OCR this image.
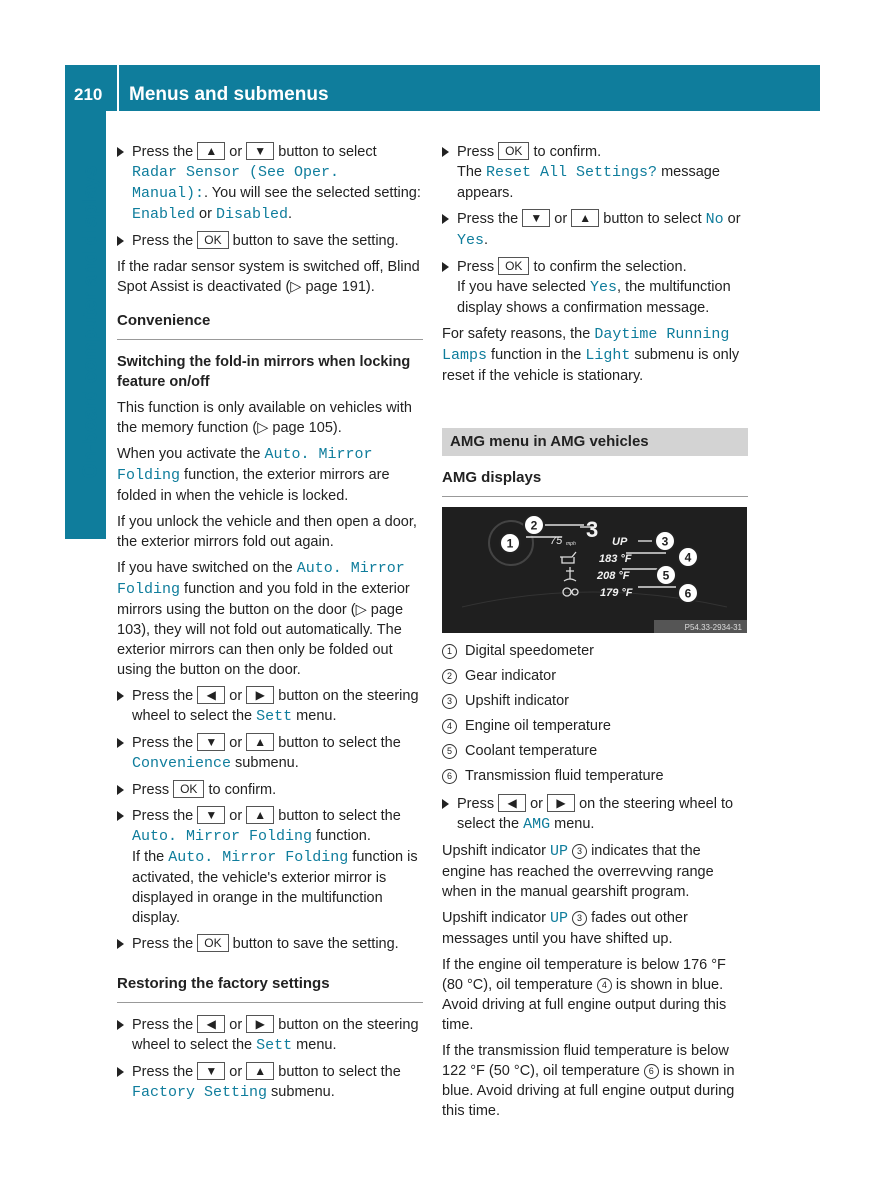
210 Menus and submenus
On-board computer and displays
Press the ▲ or ▼ button to select Radar Sensor (See Oper. Manual):. You will see the selected setting: Enabled or Disabled.
Press the OK button to save the setting.

If the radar sensor system is switched off, Blind Spot Assist is deactivated (▷ page 191).

Convenience

Switching the fold-in mirrors when locking feature on/off

This function is only available on vehicles with the memory function (▷ page 105).

When you activate the Auto. Mirror Folding function, the exterior mirrors are folded in when the vehicle is locked.

If you unlock the vehicle and then open a door, the exterior mirrors fold out again.

If you have switched on the Auto. Mirror Folding function and you fold in the exterior mirrors using the button on the door (▷ page 103), they will not fold out automatically. The exterior mirrors can then only be folded out using the button on the door.

Press the ◀ or ▶ button on the steering wheel to select the Sett menu.
Press the ▼ or ▲ button to select the Convenience submenu.
Press OK to confirm.
Press the ▼ or ▲ button to select the Auto. Mirror Folding function.
If the Auto. Mirror Folding function is activated, the vehicle's exterior mirror is displayed in orange in the multifunction display.
Press the OK button to save the setting.
Restoring the factory settings
Press the ◀ or ▶ button on the steering wheel to select the Sett menu.
Press the ▼ or ▲ button to select the Factory Setting submenu.
Press OK to confirm.
The Reset All Settings? message appears.
Press the ▼ or ▲ button to select No or Yes.
Press OK to confirm the selection.
If you have selected Yes, the multifunction display shows a confirmation message.

For safety reasons, the Daytime Running Lamps function in the Light submenu is only reset if the vehicle is stationary.

AMG menu in AMG vehicles
AMG displays
75 mph
3 UP
183 °F
208 °F
179 °F
1
2
3
4
5
6
P54.33-2934-31
1 Digital speedometer
2 Gear indicator
3 Upshift indicator
4 Engine oil temperature
5 Coolant temperature
6 Transmission fluid temperature
Press ◀ or ▶ on the steering wheel to select the AMG menu.

Upshift indicator UP 3 indicates that the engine has reached the overrevving range when in the manual gearshift program.

Upshift indicator UP 3 fades out other messages until you have shifted up.

If the engine oil temperature is below 176 °F (80 °C), oil temperature 4 is shown in blue. Avoid driving at full engine output during this time.

If the transmission fluid temperature is below 122 °F (50 °C), oil temperature 6 is shown in blue. Avoid driving at full engine output during this time.
